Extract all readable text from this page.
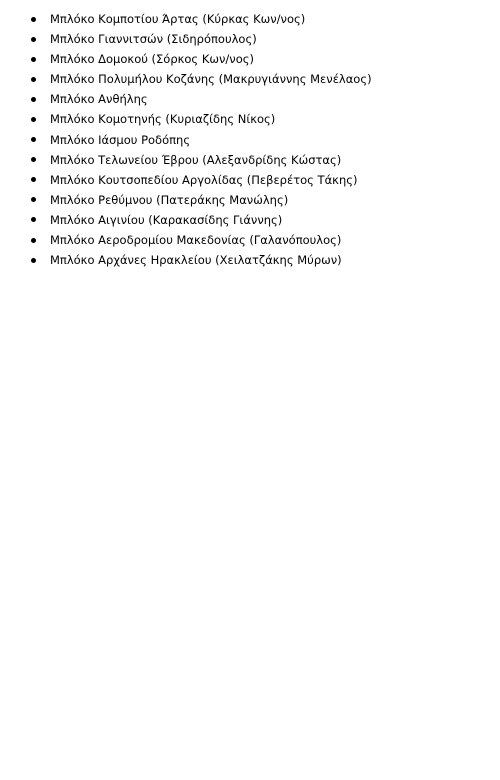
Μπλόκο Κομποτίου Άρτας (Κύρκας Κων/νος)
Μπλόκο Γιαννιτσών (Σιδηρόπουλος)
Μπλόκο Δομοκού (Σόρκος Κων/νος)
Μπλόκο Πολυμήλου Κοζάνης (Μακρυγιάννης Μενέλαος)
Μπλόκο Ανθήλης
Μπλόκο Κομοτηνής (Κυριαζίδης Νίκος)
Μπλόκο Ιάσμου Ροδόπης
Μπλόκο Τελωνείου Έβρου (Αλεξανδρίδης Κώστας)
Μπλόκο Κουτσοπεδίου Αργολίδας (Πεβερέτος Τάκης)
Μπλόκο Ρεθύμνου (Πατεράκης Μανώλης)
Μπλόκο Αιγινίου (Καρακασίδης Γιάννης)
Μπλόκο Αεροδρομίου Μακεδονίας (Γαλανόπουλος)
Μπλόκο Αρχάνες Ηρακλείου (Χειλατζάκης Μύρων)
